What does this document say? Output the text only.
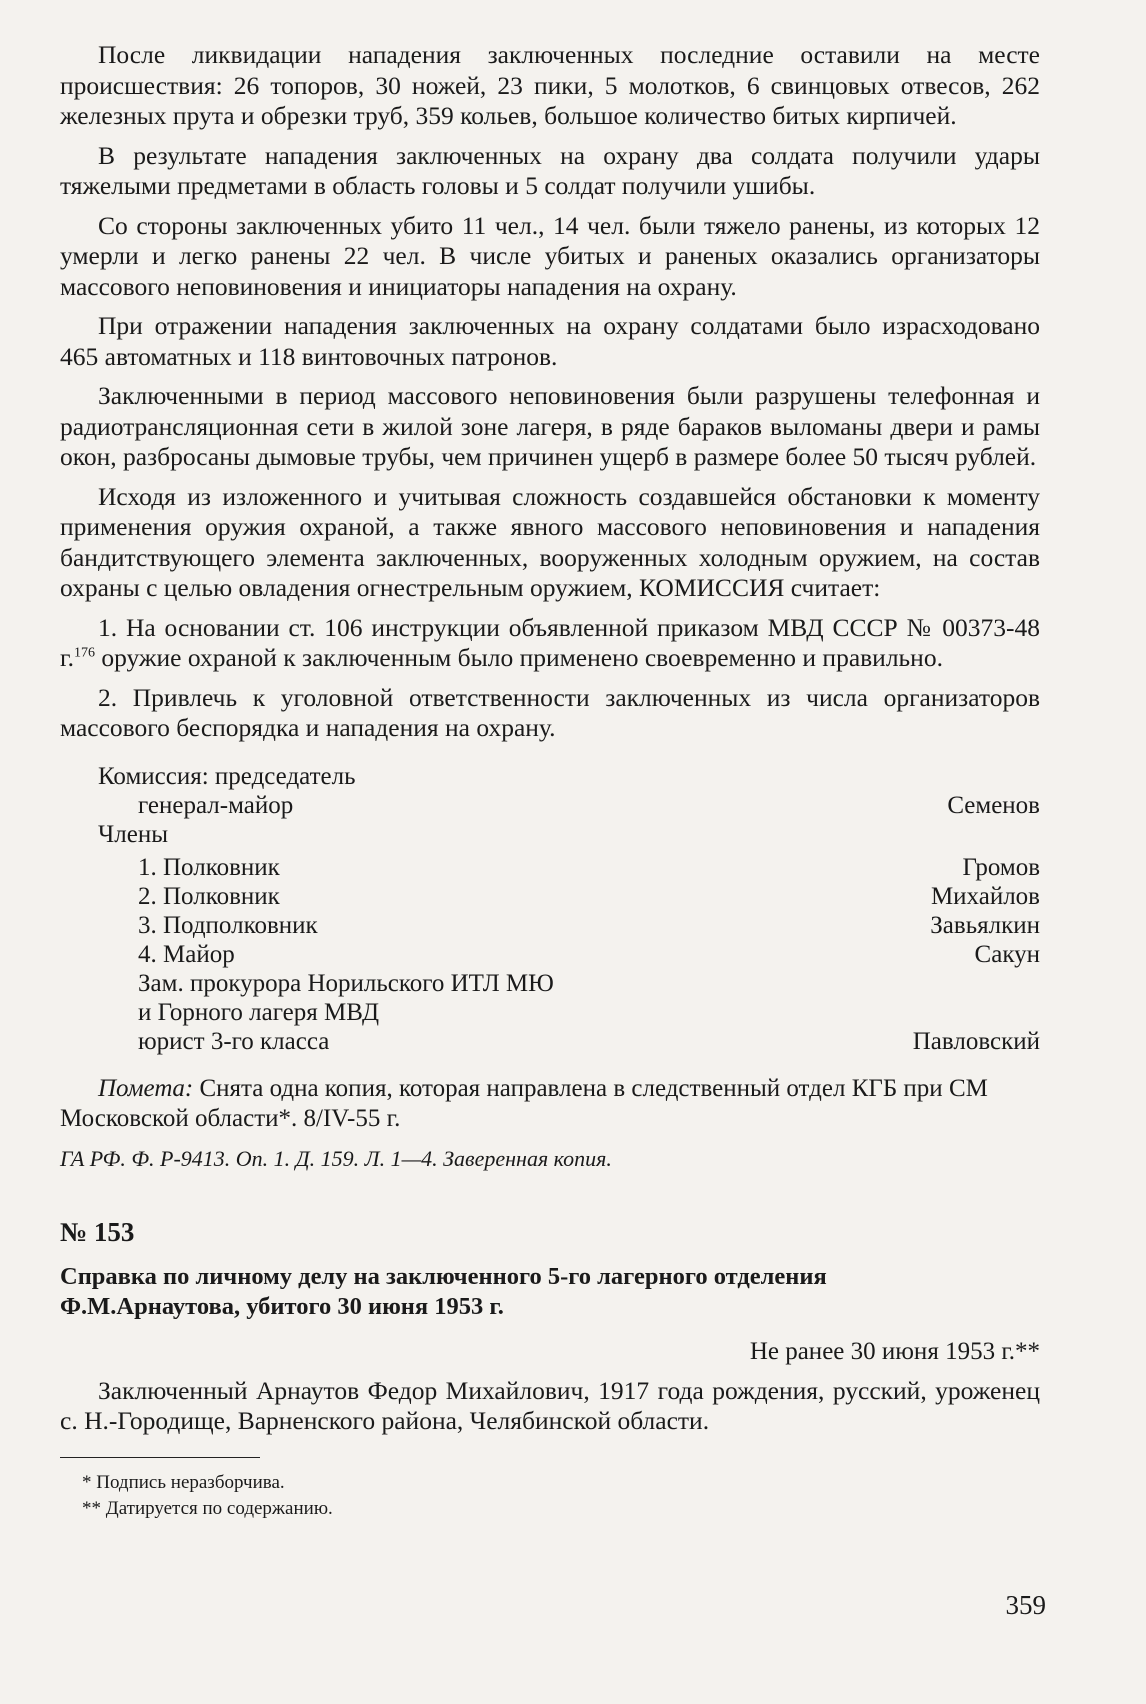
После ликвидации нападения заключенных последние оставили на месте происшествия: 26 топоров, 30 ножей, 23 пики, 5 молотков, 6 свинцовых отвесов, 262 железных прута и обрезки труб, 359 кольев, большое количество битых кирпичей.

В результате нападения заключенных на охрану два солдата получили удары тяжелыми предметами в область головы и 5 солдат получили ушибы.

Со стороны заключенных убито 11 чел., 14 чел. были тяжело ранены, из которых 12 умерли и легко ранены 22 чел. В числе убитых и раненых оказались организаторы массового неповиновения и инициаторы нападения на охрану.

При отражении нападения заключенных на охрану солдатами было израсходовано 465 автоматных и 118 винтовочных патронов.

Заключенными в период массового неповиновения были разрушены телефонная и радиотрансляционная сети в жилой зоне лагеря, в ряде бараков выломаны двери и рамы окон, разбросаны дымовые трубы, чем причинен ущерб в размере более 50 тысяч рублей.

Исходя из изложенного и учитывая сложность создавшейся обстановки к моменту применения оружия охраной, а также явного массового неповиновения и нападения бандитствующего элемента заключенных, вооруженных холодным оружием, на состав охраны с целью овладения огнестрельным оружием, КОМИССИЯ считает:

1. На основании ст. 106 инструкции объявленной приказом МВД СССР № 00373-48 г.$^{176}$ оружие охраной к заключенным было применено своевременно и правильно.

2. Привлечь к уголовной ответственности заключенных из числа организаторов массового беспорядка и нападения на охрану.

Комиссия: председатель
генерал-майор	Семенов
Члены
1. Полковник	Громов
2. Полковник	Михайлов
3. Подполковник	Завьялкин
4. Майор	Сакун
Зам. прокурора Норильского ИТЛ МЮ
и Горного лагеря МВД
юрист 3-го класса	Павловский

Пометa: Снята одна копия, которая направлена в следственный отдел КГБ при СМ Московской области*. 8/IV-55 г.

ГА РФ. Ф. Р-9413. Оп. 1. Д. 159. Л. 1—4. Заверенная копия.

№ 153
Справка по личному делу на заключенного 5-го лагерного отделения
Ф.М.Арнаутова, убитого 30 июня 1953 г.
Не ранее 30 июня 1953 г.**

Заключенный Арнаутов Федор Михайлович, 1917 года рождения, русский, уроженец с. Н.-Городище, Варненского района, Челябинской области.

* Подпись неразборчива.
** Датируется по содержанию.
359
